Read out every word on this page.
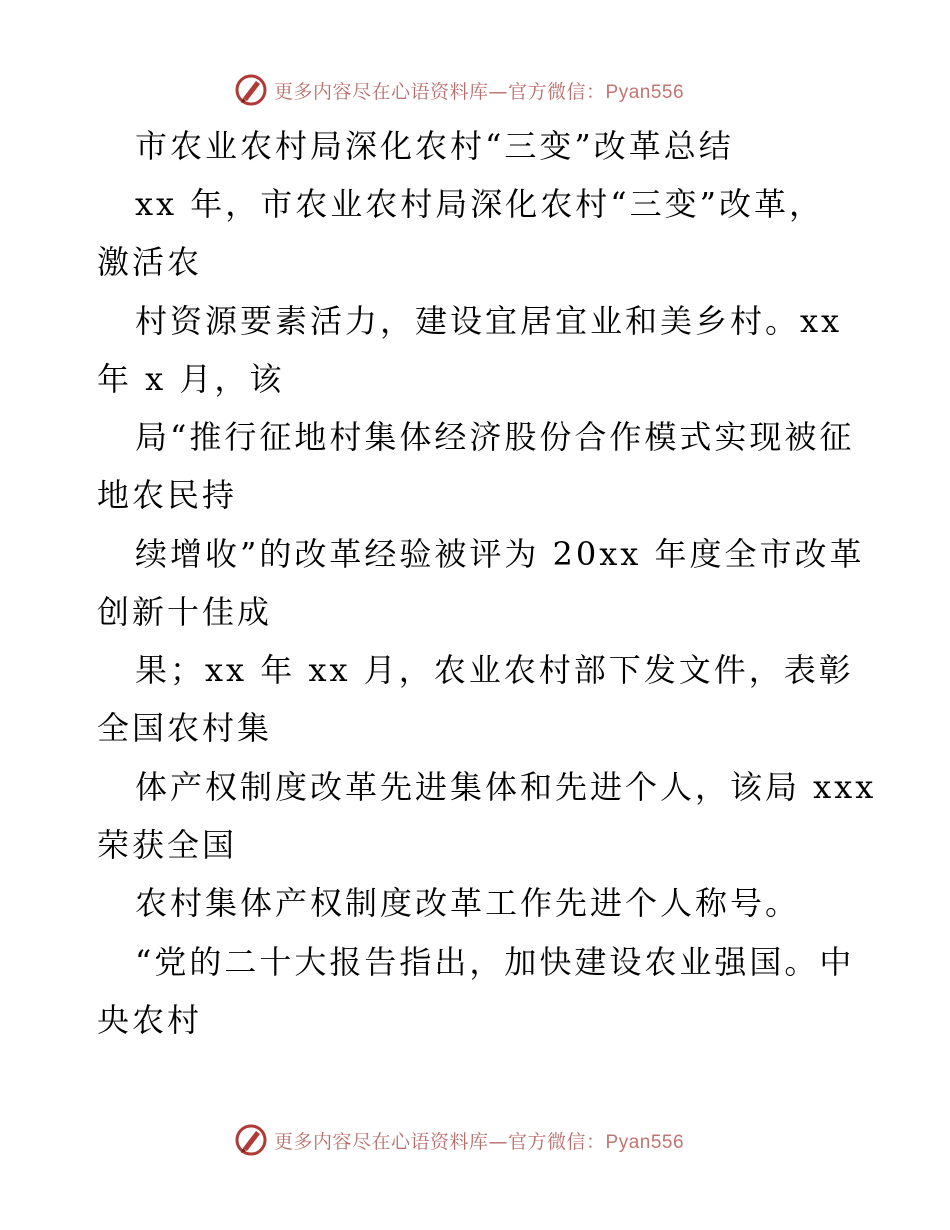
更多内容尽在心语资料库—官方微信：Pyan556
市农业农村局深化农村“三变”改革总结
xx 年，市农业农村局深化农村“三变”改革，
激活农
村资源要素活力，建设宜居宜业和美乡村。xx
年 x 月，该
局“推行征地村集体经济股份合作模式实现被征
地农民持
续增收”的改革经验被评为 20xx 年度全市改革
创新十佳成
果；xx 年 xx 月，农业农村部下发文件，表彰
全国农村集
体产权制度改革先进集体和先进个人，该局 xxx
荣获全国
农村集体产权制度改革工作先进个人称号。
“党的二十大报告指出，加快建设农业强国。中
央农村
更多内容尽在心语资料库—官方微信：Pyan556
